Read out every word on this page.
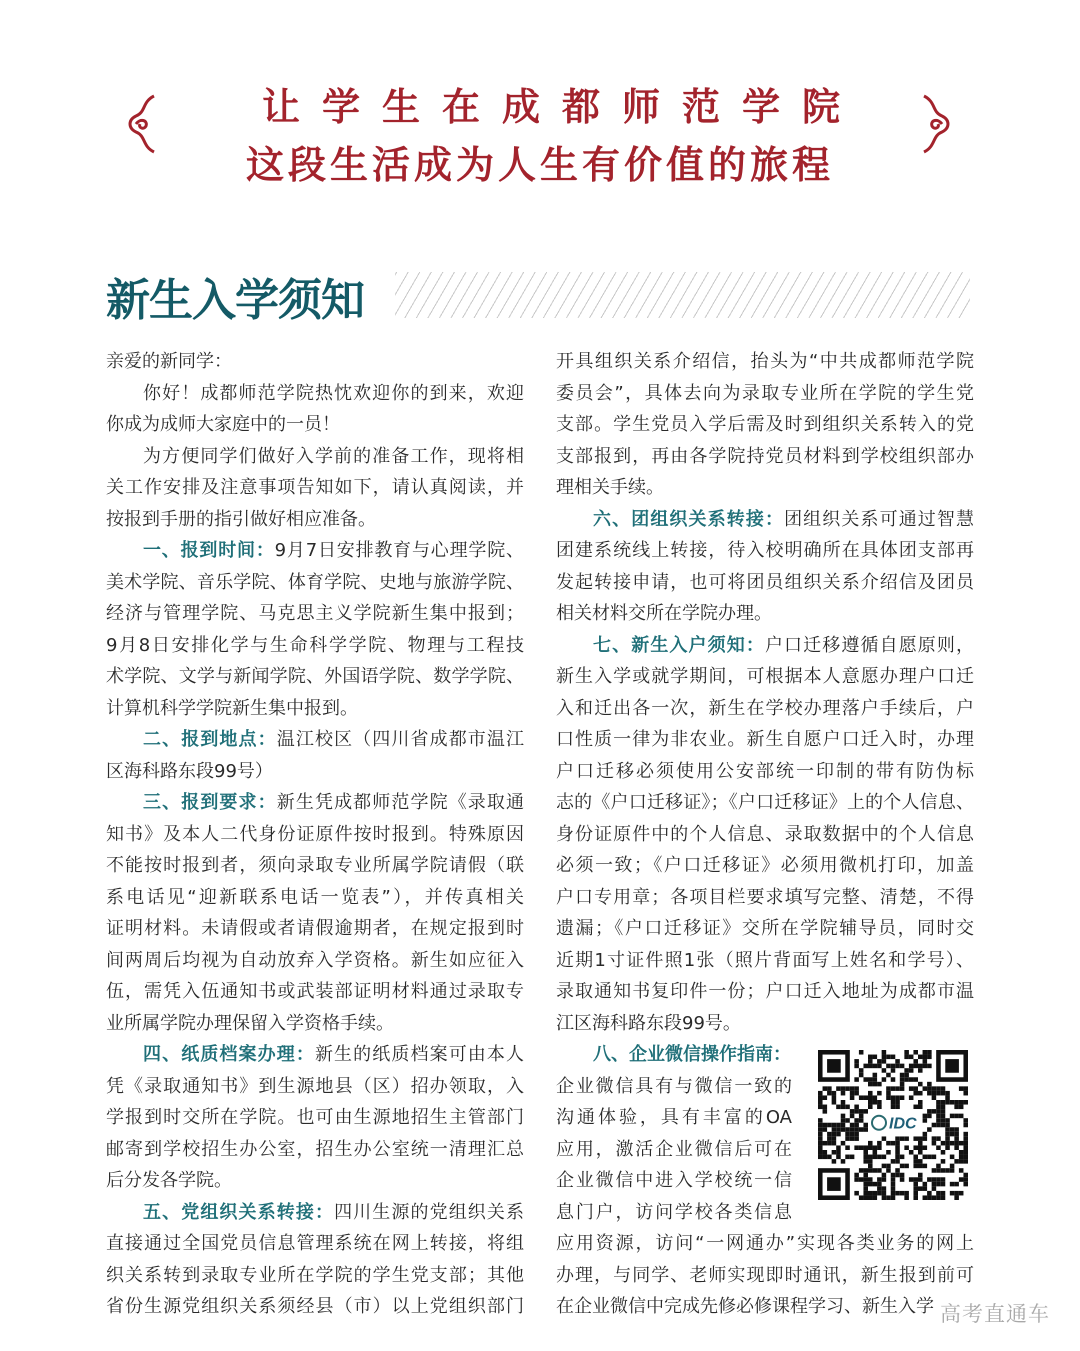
让学生在成都师范学院
这段生活成为人生有价值的旅程
新生入学须知
亲爱的新同学：
你好！成都师范学院热忱欢迎你的到来，欢迎
你成为成师大家庭中的一员！
为方便同学们做好入学前的准备工作，现将相
关工作安排及注意事项告知如下，请认真阅读，并
按报到手册的指引做好相应准备。
一、报到时间：9月7日安排教育与心理学院、
美术学院、音乐学院、体育学院、史地与旅游学院、
经济与管理学院、马克思主义学院新生集中报到；
9月8日安排化学与生命科学学院、物理与工程技
术学院、文学与新闻学院、外国语学院、数学学院、
计算机科学学院新生集中报到。
二、报到地点：温江校区（四川省成都市温江
区海科路东段99号）
三、报到要求：新生凭成都师范学院《录取通
知书》及本人二代身份证原件按时报到。特殊原因
不能按时报到者，须向录取专业所属学院请假（联
系电话见“迎新联系电话一览表”），并传真相关
证明材料。未请假或者请假逾期者，在规定报到时
间两周后均视为自动放弃入学资格。新生如应征入
伍，需凭入伍通知书或武装部证明材料通过录取专
业所属学院办理保留入学资格手续。
四、纸质档案办理：新生的纸质档案可由本人
凭《录取通知书》到生源地县（区）招办领取，入
学报到时交所在学院。也可由生源地招生主管部门
邮寄到学校招生办公室，招生办公室统一清理汇总
后分发各学院。
五、党组织关系转接：四川生源的党组织关系
直接通过全国党员信息管理系统在网上转接，将组
织关系转到录取专业所在学院的学生党支部；其他
省份生源党组织关系须经县（市）以上党组织部门
开具组织关系介绍信，抬头为“中共成都师范学院
委员会”，具体去向为录取专业所在学院的学生党
支部。学生党员入学后需及时到组织关系转入的党
支部报到，再由各学院持党员材料到学校组织部办
理相关手续。
六、团组织关系转接：团组织关系可通过智慧
团建系统线上转接，待入校明确所在具体团支部再
发起转接申请，也可将团员组织关系介绍信及团员
相关材料交所在学院办理。
七、新生入户须知：户口迁移遵循自愿原则，
新生入学或就学期间，可根据本人意愿办理户口迁
入和迁出各一次，新生在学校办理落户手续后，户
口性质一律为非农业。新生自愿户口迁入时，办理
户口迁移必须使用公安部统一印制的带有防伪标
志的《户口迁移证》；《户口迁移证》上的个人信息、
身份证原件中的个人信息、录取数据中的个人信息
必须一致；《户口迁移证》必须用微机打印，加盖
户口专用章；各项目栏要求填写完整、清楚，不得
遗漏；《户口迁移证》交所在学院辅导员，同时交
近期1寸证件照1张（照片背面写上姓名和学号）、
录取通知书复印件一份；户口迁入地址为成都市温
江区海科路东段99号。
八、企业微信操作指南：
企业微信具有与微信一致的
沟通体验，具有丰富的OA
应用，激活企业微信后可在
企业微信中进入学校统一信
息门户，访问学校各类信息
应用资源，访问“一网通办”实现各类业务的网上
办理，与同学、老师实现即时通讯，新生报到前可
在企业微信中完成先修必修课程学习、新生入学
IDC
高考直通车
